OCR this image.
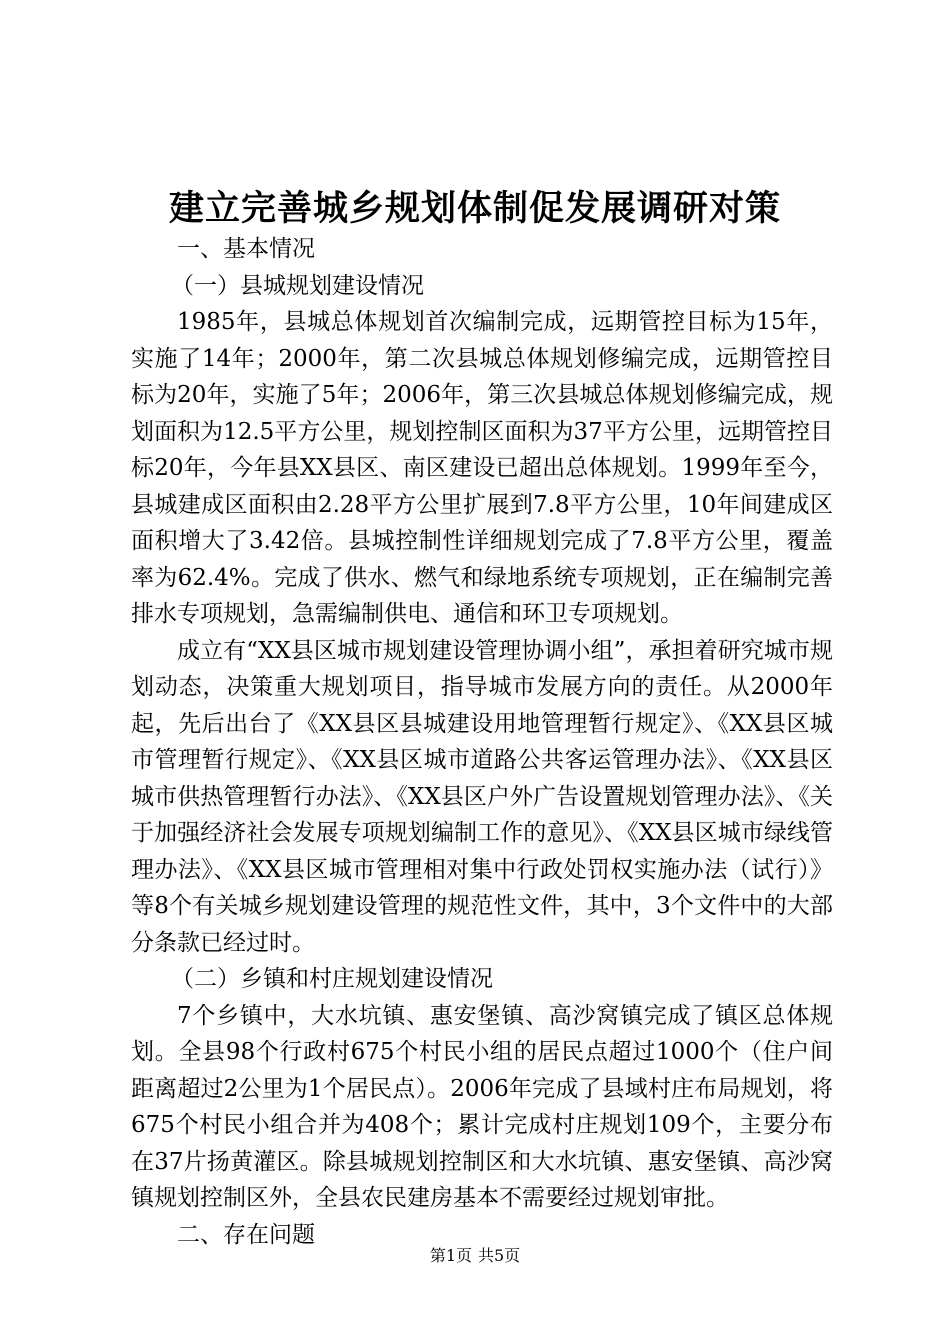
建立完善城乡规划体制促发展调研对策

一、基本情况

（一）县城规划建设情况

1985年，县城总体规划首次编制完成，远期管控目标为15年，实施了14年；2000年，第二次县城总体规划修编完成，远期管控目标为20年，实施了5年；2006年，第三次县城总体规划修编完成，规划面积为12.5平方公里，规划控制区面积为37平方公里，远期管控目标20年，今年县XX县区、南区建设已超出总体规划。1999年至今，县城建成区面积由2.28平方公里扩展到7.8平方公里，10年间建成区面积增大了3.42倍。县城控制性详细规划完成了7.8平方公里，覆盖率为62.4%。完成了供水、燃气和绿地系统专项规划，正在编制完善排水专项规划，急需编制供电、通信和环卫专项规划。

成立有“XX县区城市规划建设管理协调小组”，承担着研究城市规划动态，决策重大规划项目，指导城市发展方向的责任。从2000年起，先后出台了《XX县区县城建设用地管理暂行规定》、《XX县区城市管理暂行规定》、《XX县区城市道路公共客运管理办法》、《XX县区城市供热管理暂行办法》、《XX县区户外广告设置规划管理办法》、《关于加强经济社会发展专项规划编制工作的意见》、《XX县区城市绿线管理办法》、《XX县区城市管理相对集中行政处罚权实施办法（试行）》等8个有关城乡规划建设管理的规范性文件，其中，3个文件中的大部分条款已经过时。

（二）乡镇和村庄规划建设情况

7个乡镇中，大水坑镇、惠安堡镇、高沙窝镇完成了镇区总体规划。全县98个行政村675个村民小组的居民点超过1000个（住户间距离超过2公里为1个居民点）。2006年完成了县域村庄布局规划，将675个村民小组合并为408个；累计完成村庄规划109个，主要分布在37片扬黄灌区。除县城规划控制区和大水坑镇、惠安堡镇、高沙窝镇规划控制区外，全县农民建房基本不需要经过规划审批。

二、存在问题

第1页 共5页
